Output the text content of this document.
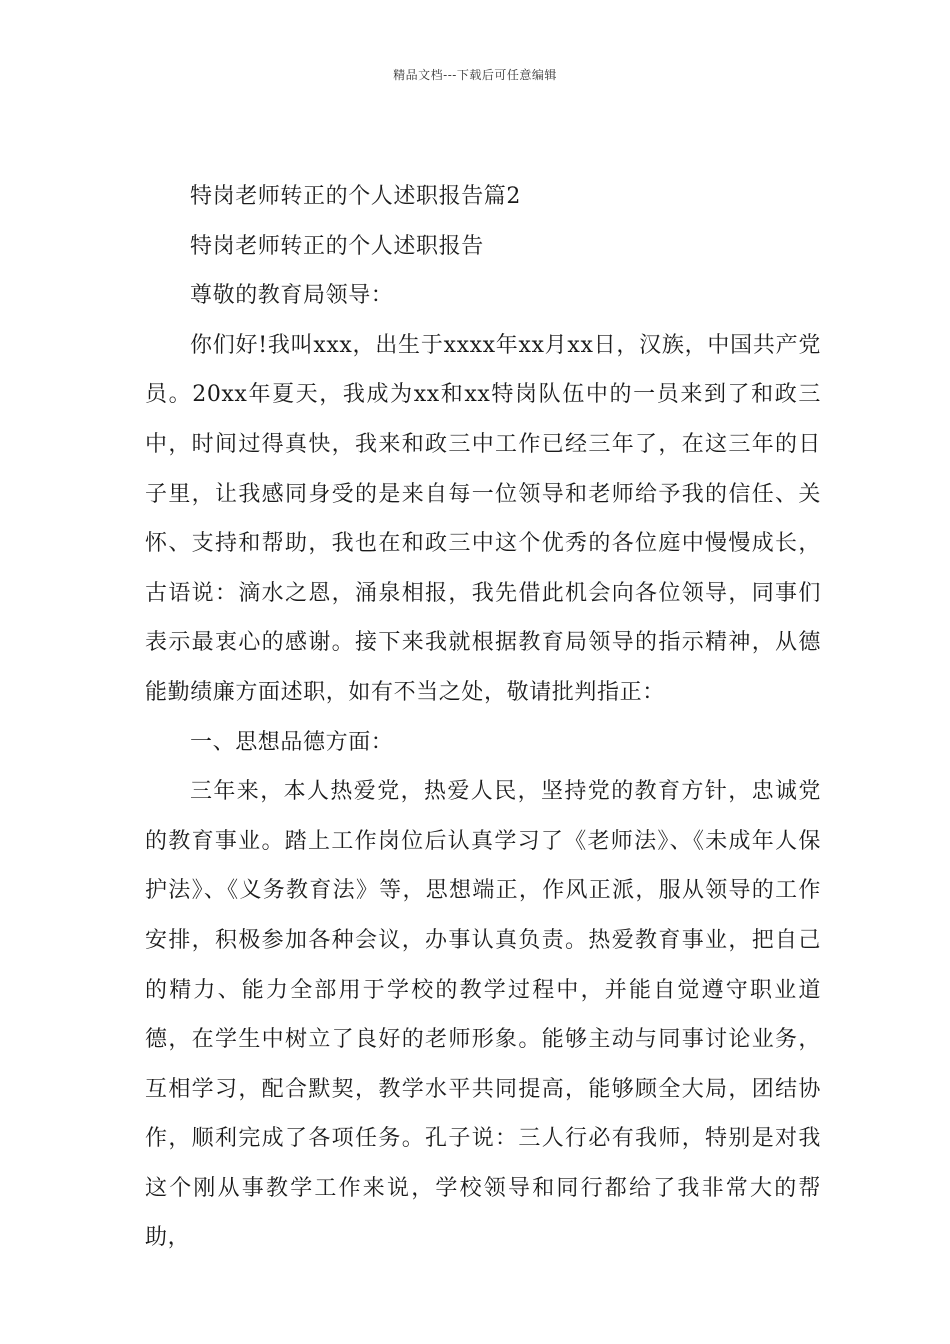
精品文档---下载后可任意编辑

特岗老师转正的个人述职报告篇2

特岗老师转正的个人述职报告

尊敬的教育局领导：

你们好!我叫xxx，出生于xxxx年xx月xx日，汉族，中国共产党员。20xx年夏天，我成为xx和xx特岗队伍中的一员来到了和政三中，时间过得真快，我来和政三中工作已经三年了，在这三年的日子里，让我感同身受的是来自每一位领导和老师给予我的信任、关怀、支持和帮助，我也在和政三中这个优秀的各位庭中慢慢成长，古语说：滴水之恩，涌泉相报，我先借此机会向各位领导，同事们表示最衷心的感谢。接下来我就根据教育局领导的指示精神，从德能勤绩廉方面述职，如有不当之处，敬请批判指正：

一、思想品德方面：

三年来，本人热爱党，热爱人民，坚持党的教育方针，忠诚党的教育事业。踏上工作岗位后认真学习了《老师法》、《未成年人保护法》、《义务教育法》等，思想端正，作风正派，服从领导的工作安排，积极参加各种会议，办事认真负责。热爱教育事业，把自己的精力、能力全部用于学校的教学过程中，并能自觉遵守职业道德，在学生中树立了良好的老师形象。能够主动与同事讨论业务，互相学习，配合默契，教学水平共同提高，能够顾全大局，团结协作，顺利完成了各项任务。孔子说：三人行必有我师，特别是对我这个刚从事教学工作来说，学校领导和同行都给了我非常大的帮助，
